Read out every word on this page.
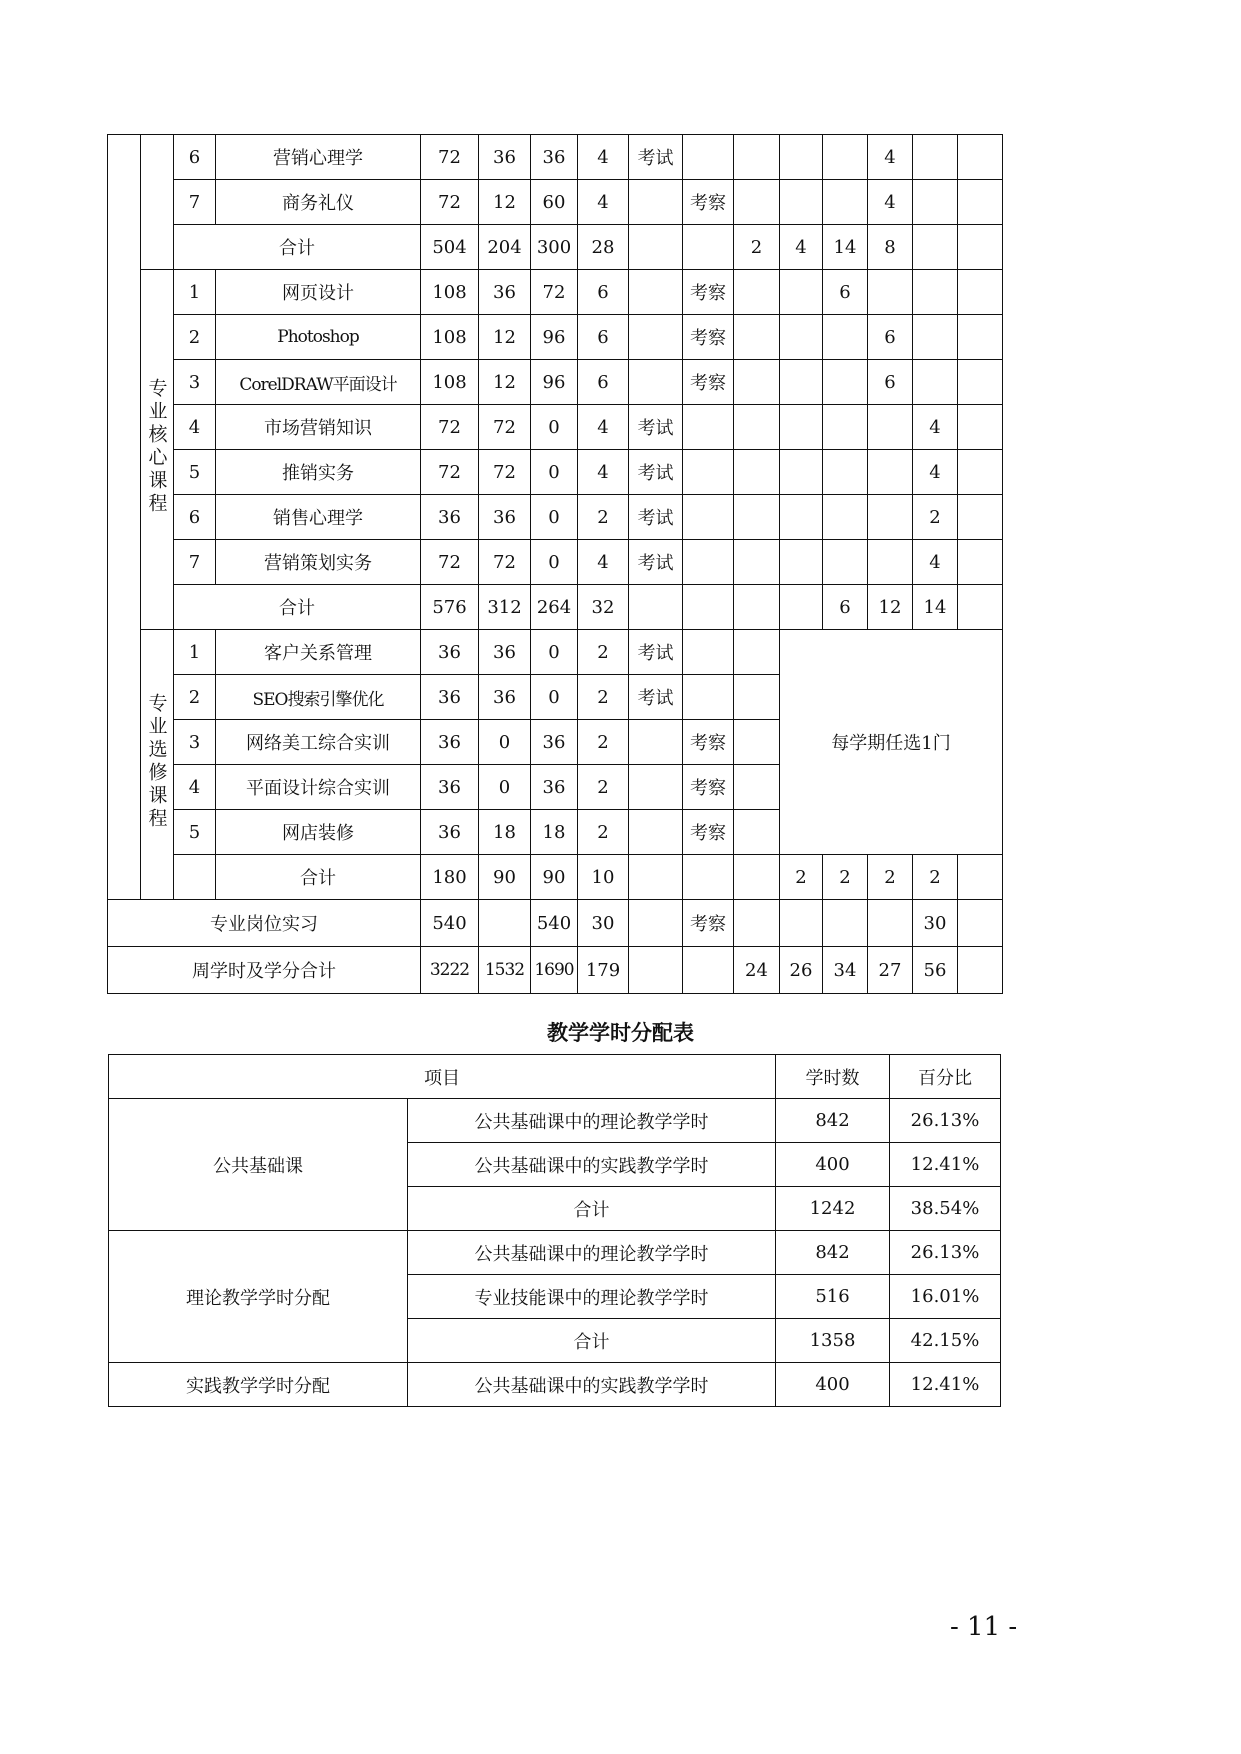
		6	营销心理学	72	36	36	4	考试					4		
		7	商务礼仪	72	12	60	4		考察				4		
		合计		504	204	300	28			2	4	14	8		
	专业核心课程	1	网页设计	108	36	72	6		考察			6			
		2	Photoshop	108	12	96	6		考察				6		
		3	CorelDRAW平面设计	108	12	96	6		考察				6		
		4	市场营销知识	72	72	0	4	考试						4	
		5	推销实务	72	72	0	4	考试						4	
		6	销售心理学	36	36	0	2	考试						2	
		7	营销策划实务	72	72	0	4	考试						4	
		合计		576	312	264	32					6	12	14	
	专业选修课程	1	客户关系管理	36	36	0	2	考试			每学期任选1门				
		2	SEO搜索引擎优化	36	36	0	2	考试							
		3	网络美工综合实训	36	0	36	2		考察						
		4	平面设计综合实训	36	0	36	2		考察						
		5	网店装修	36	18	18	2		考察						
			合计	180	90	90	10				2	2	2	2	
专业岗位实习				540		540	30		考察					30	
周学时及学分合计				3222	1532	1690	179			24	26	34	27	56	
教学学时分配表
项目		学时数	百分比
公共基础课	公共基础课中的理论教学学时	842	26.13%
	公共基础课中的实践教学学时	400	12.41%
	合计	1242	38.54%
理论教学学时分配	公共基础课中的理论教学学时	842	26.13%
	专业技能课中的理论教学学时	516	16.01%
	合计	1358	42.15%
实践教学学时分配	公共基础课中的实践教学学时	400	12.41%
- 11 -
